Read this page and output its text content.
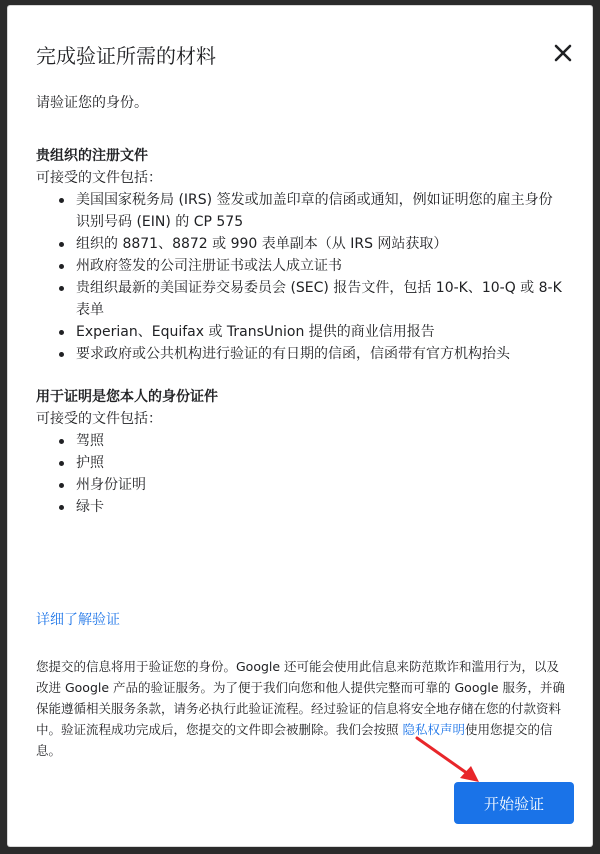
完成验证所需的材料

请验证您的身份。

贵组织的注册文件

可接受的文件包括：

美国国家税务局 (IRS) 签发或加盖印章的信函或通知，例如证明您的雇主身份识别号码 (EIN) 的 CP 575
组织的 8871、8872 或 990 表单副本（从 IRS 网站获取）
州政府签发的公司注册证书或法人成立证书
贵组织最新的美国证券交易委员会 (SEC) 报告文件，包括 10-K、10-Q 或 8-K 表单
Experian、Equifax 或 TransUnion 提供的商业信用报告
要求政府或公共机构进行验证的有日期的信函，信函带有官方机构抬头

用于证明是您本人的身份证件

可接受的文件包括：

驾照
护照
州身份证明
绿卡
详细了解验证
您提交的信息将用于验证您的身份。Google 还可能会使用此信息来防范欺诈和滥用行为，以及改进 Google 产品的验证服务。为了便于我们向您和他人提供完整而可靠的 Google 服务，并确保能遵循相关服务条款，请务必执行此验证流程。经过验证的信息将安全地存储在您的付款资料中。验证流程成功完成后，您提交的文件即会被删除。我们会按照 隐私权声明使用您提交的信息。
开始验证
